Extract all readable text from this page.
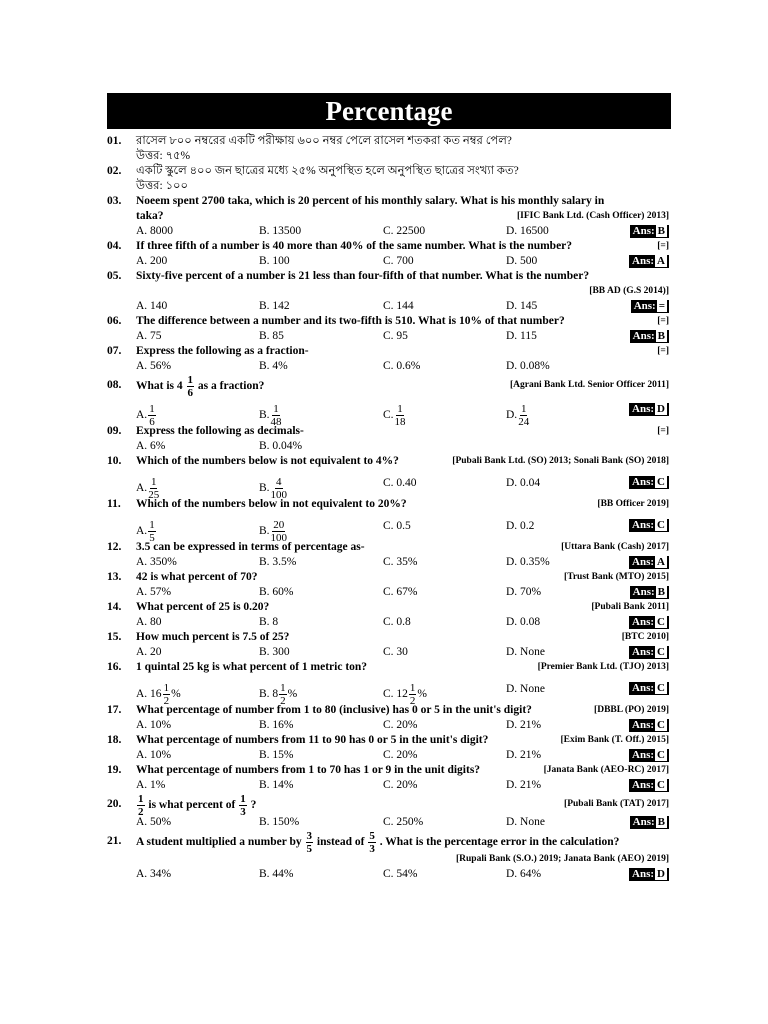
Percentage
01. রাসেল ৮০০ নম্বরের একটি পরীক্ষায় ৬০০ নম্বর পেলে রাসেল শতকরা কত নম্বর পেল?
উত্তর: ৭৫%
02. একটি স্কুলে ৪০০ জন ছাত্রের মধ্যে ২৫% অনুপস্থিত হলে অনুপস্থিত ছাত্রের সংখ্যা কত?
উত্তর: ১০০
03. Noeem spent 2700 taka, which is 20 percent of his monthly salary. What is his monthly salary in
taka?	[IFIC Bank Ltd. (Cash Officer) 2013]
A. 8000	B. 13500	C. 22500	D. 16500	Ans: B
04. If three fifth of a number is 40 more than 40% of the same number. What is the number?	[=]
A. 200	B. 100	C. 700	D. 500	Ans: A
05. Sixty-five percent of a number is 21 less than four-fifth of that number. What is the number?
[BB AD (G.S 2014)]
A. 140	B. 142	C. 144	D. 145	Ans: =
06. The difference between a number and its two-fifth is 510. What is 10% of that number?	[=]
A. 75	B. 85	C. 95	D. 115	Ans: B
07. Express the following as a fraction-	[=]
A. 56%	B. 4%	C. 0.6%	D. 0.08%
08. What is $4 \frac{1}{6}$ as a fraction?	[Agrani Bank Ltd. Senior Officer 2011]
A. $\frac{1}{6}$	B. $\frac{1}{48}$	C. $\frac{1}{18}$	D. $\frac{1}{24}$	Ans: D
09. Express the following as decimals-	[=]
A. 6%	B. 0.04%
10. Which of the numbers below is not equivalent to 4%?	[Pubali Bank Ltd. (SO) 2013; Sonali Bank (SO) 2018]
A. $\frac{1}{25}$	B. $\frac{4}{100}$	C. 0.40	D. 0.04	Ans: C
11. Which of the numbers below in not equivalent to 20%?	[BB Officer 2019]
A. $\frac{1}{5}$	B. $\frac{20}{100}$	C. 0.5	D. 0.2	Ans: C
12. 3.5 can be expressed in terms of percentage as-	[Uttara Bank (Cash) 2017]
A. 350%	B. 3.5%	C. 35%	D. 0.35%	Ans: A
13. 42 is what percent of 70?	[Trust Bank (MTO) 2015]
A. 57%	B. 60%	C. 67%	D. 70%	Ans: B
14. What percent of 25 is 0.20?	[Pubali Bank 2011]
A. 80	B. 8	C. 0.8	D. 0.08	Ans: C
15. How much percent is 7.5 of 25?	[BTC 2010]
A. 20	B. 300	C. 30	D. None	Ans: C
16. 1 quintal 25 kg is what percent of 1 metric ton?	[Premier Bank Ltd. (TJO) 2013]
A. $16 \frac{1}{2}$ %	B. $8 \frac{1}{2}$ %	C. $12 \frac{1}{2}$ %	D. None	Ans: C
17. What percentage of number from 1 to 80 (inclusive) has 0 or 5 in the unit's digit?	[DBBL (PO) 2019]
A. 10%	B. 16%	C. 20%	D. 21%	Ans: C
18. What percentage of numbers from 11 to 90 has 0 or 5 in the unit's digit?	[Exim Bank (T. Off.) 2015]
A. 10%	B. 15%	C. 20%	D. 21%	Ans: C
19. What percentage of numbers from 1 to 70 has 1 or 9 in the unit digits?	[Janata Bank (AEO-RC) 2017]
A. 1%	B. 14%	C. 20%	D. 21%	Ans: C
20. $\frac{1}{2}$ is what percent of $\frac{1}{3}$ ?	[Pubali Bank (TAT) 2017]
A. 50%	B. 150%	C. 250%	D. None	Ans: B
21. A student multiplied a number by $\frac{3}{5}$ instead of $\frac{5}{3}$ . What is the percentage error in the calculation?
[Rupali Bank (S.O.) 2019; Janata Bank (AEO) 2019]
A. 34%	B. 44%	C. 54%	D. 64%	Ans: D
